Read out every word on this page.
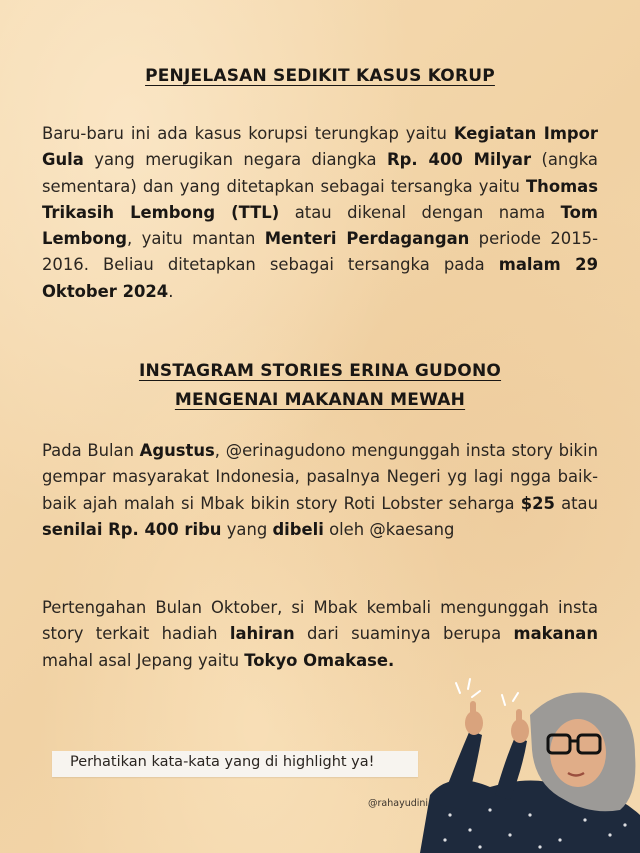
PENJELASAN SEDIKIT KASUS KORUP
Baru-baru ini ada kasus korupsi terungkap yaitu Kegiatan Impor Gula yang merugikan negara diangka Rp. 400 Milyar (angka sementara) dan yang ditetapkan sebagai tersangka yaitu Thomas Trikasih Lembong (TTL) atau dikenal dengan nama Tom Lembong, yaitu mantan Menteri Perdagangan periode 2015-2016. Beliau ditetapkan sebagai tersangka pada malam 29 Oktober 2024.
INSTAGRAM STORIES ERINA GUDONO
MENGENAI MAKANAN MEWAH
Pada Bulan Agustus, @erinagudono mengunggah insta story bikin gempar masyarakat Indonesia, pasalnya Negeri yg lagi ngga baik-baik ajah malah si Mbak bikin story Roti Lobster seharga $25 atau senilai Rp. 400 ribu yang dibeli oleh @kaesang
Pertengahan Bulan Oktober, si Mbak kembali mengunggah insta story terkait hadiah lahiran dari suaminya berupa makanan mahal asal Jepang yaitu Tokyo Omakase.
Perhatikan kata-kata yang di highlight ya!
@rahayudini
